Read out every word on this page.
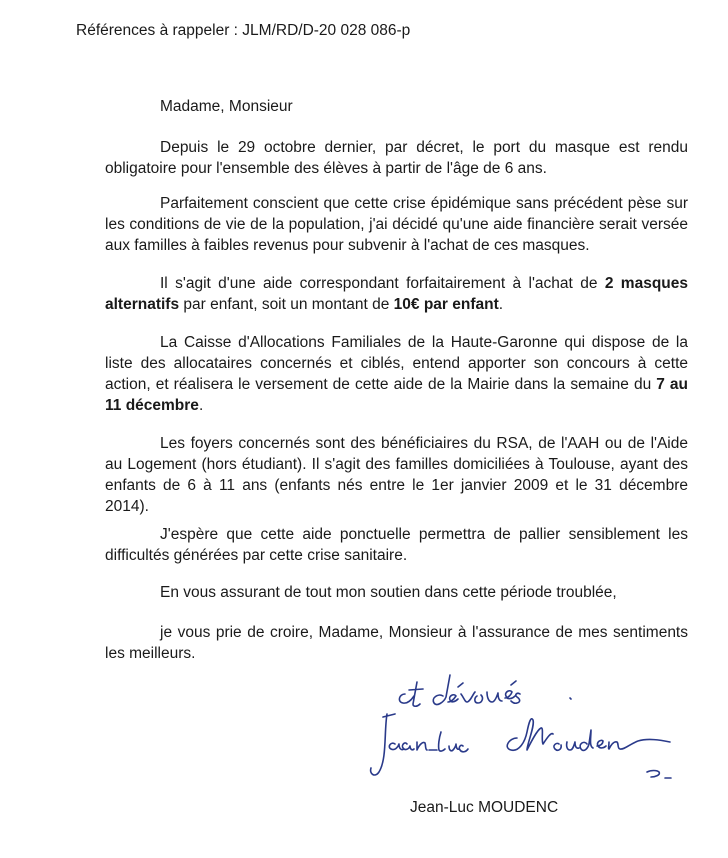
Références à rappeler : JLM/RD/D-20 028 086-p
Madame, Monsieur
Depuis le 29 octobre dernier, par décret, le port du masque est rendu obligatoire pour l'ensemble des élèves à partir de l'âge de 6 ans.
Parfaitement conscient que cette crise épidémique sans précédent pèse sur les conditions de vie de la population, j'ai décidé qu'une aide financière serait versée aux familles à faibles revenus pour subvenir à l'achat de ces masques.
Il s'agit d'une aide correspondant forfaitairement à l'achat de 2 masques alternatifs par enfant, soit un montant de 10€ par enfant.
La Caisse d'Allocations Familiales de la Haute-Garonne qui dispose de la liste des allocataires concernés et ciblés, entend apporter son concours à cette action, et réalisera le versement de cette aide de la Mairie dans la semaine du 7 au 11 décembre.
Les foyers concernés sont des bénéficiaires du RSA, de l'AAH ou de l'Aide au Logement (hors étudiant). Il s'agit des familles domiciliées à Toulouse, ayant des enfants de 6 à 11 ans (enfants nés entre le 1er janvier 2009 et le 31 décembre 2014).
J'espère que cette aide ponctuelle permettra de pallier sensiblement les difficultés générées par cette crise sanitaire.
En vous assurant de tout mon soutien dans cette période troublée,
je vous prie de croire, Madame, Monsieur à l'assurance de mes sentiments les meilleurs.
Jean-Luc MOUDENC
